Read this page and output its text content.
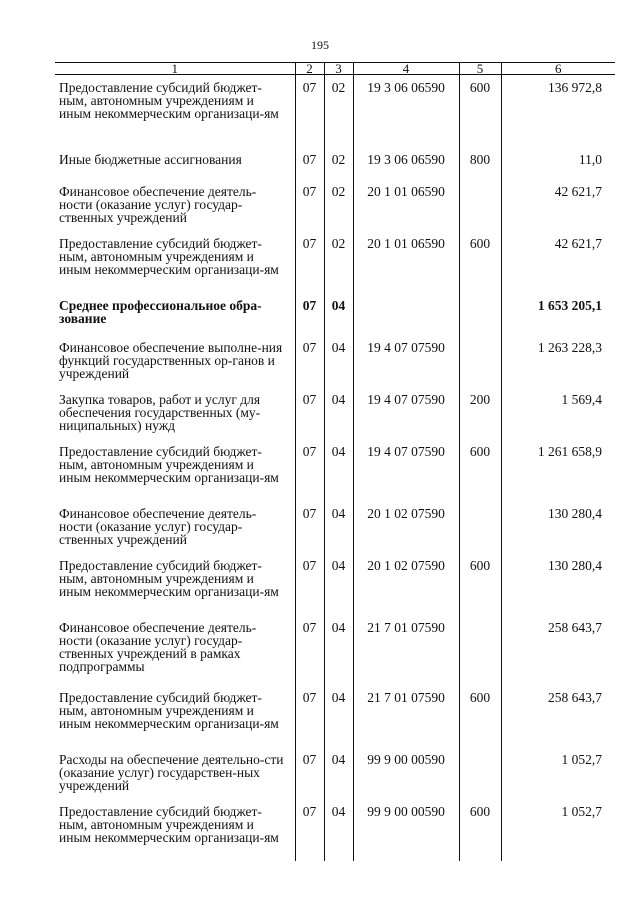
195
1	2	3	4	5	6
Предоставление субсидий бюджет-ным, автономным учреждениям и иным некоммерческим организаци-ям	07	02	19 3 06 06590	600	136 972,8
Иные бюджетные ассигнования	07	02	19 3 06 06590	800	11,0
Финансовое обеспечение деятель-ности (оказание услуг) государ-ственных учреждений	07	02	20 1 01 06590		42 621,7
Предоставление субсидий бюджет-ным, автономным учреждениям и иным некоммерческим организаци-ям	07	02	20 1 01 06590	600	42 621,7
Среднее профессиональное обра-зование	07	04			1 653 205,1
Финансовое обеспечение выполне-ния функций государственных ор-ганов и учреждений	07	04	19 4 07 07590		1 263 228,3
Закупка товаров, работ и услуг для обеспечения государственных (му-ниципальных) нужд	07	04	19 4 07 07590	200	1 569,4
Предоставление субсидий бюджет-ным, автономным учреждениям и иным некоммерческим организаци-ям	07	04	19 4 07 07590	600	1 261 658,9
Финансовое обеспечение деятель-ности (оказание услуг) государ-ственных учреждений	07	04	20 1 02 07590		130 280,4
Предоставление субсидий бюджет-ным, автономным учреждениям и иным некоммерческим организаци-ям	07	04	20 1 02 07590	600	130 280,4
Финансовое обеспечение деятель-ности (оказание услуг) государ-ственных учреждений в рамках подпрограммы	07	04	21 7 01 07590		258 643,7
Предоставление субсидий бюджет-ным, автономным учреждениям и иным некоммерческим организаци-ям	07	04	21 7 01 07590	600	258 643,7
Расходы на обеспечение деятельно-сти (оказание услуг) государствен-ных учреждений	07	04	99 9 00 00590		1 052,7
Предоставление субсидий бюджет-ным, автономным учреждениям и иным некоммерческим организаци-ям	07	04	99 9 00 00590	600	1 052,7
